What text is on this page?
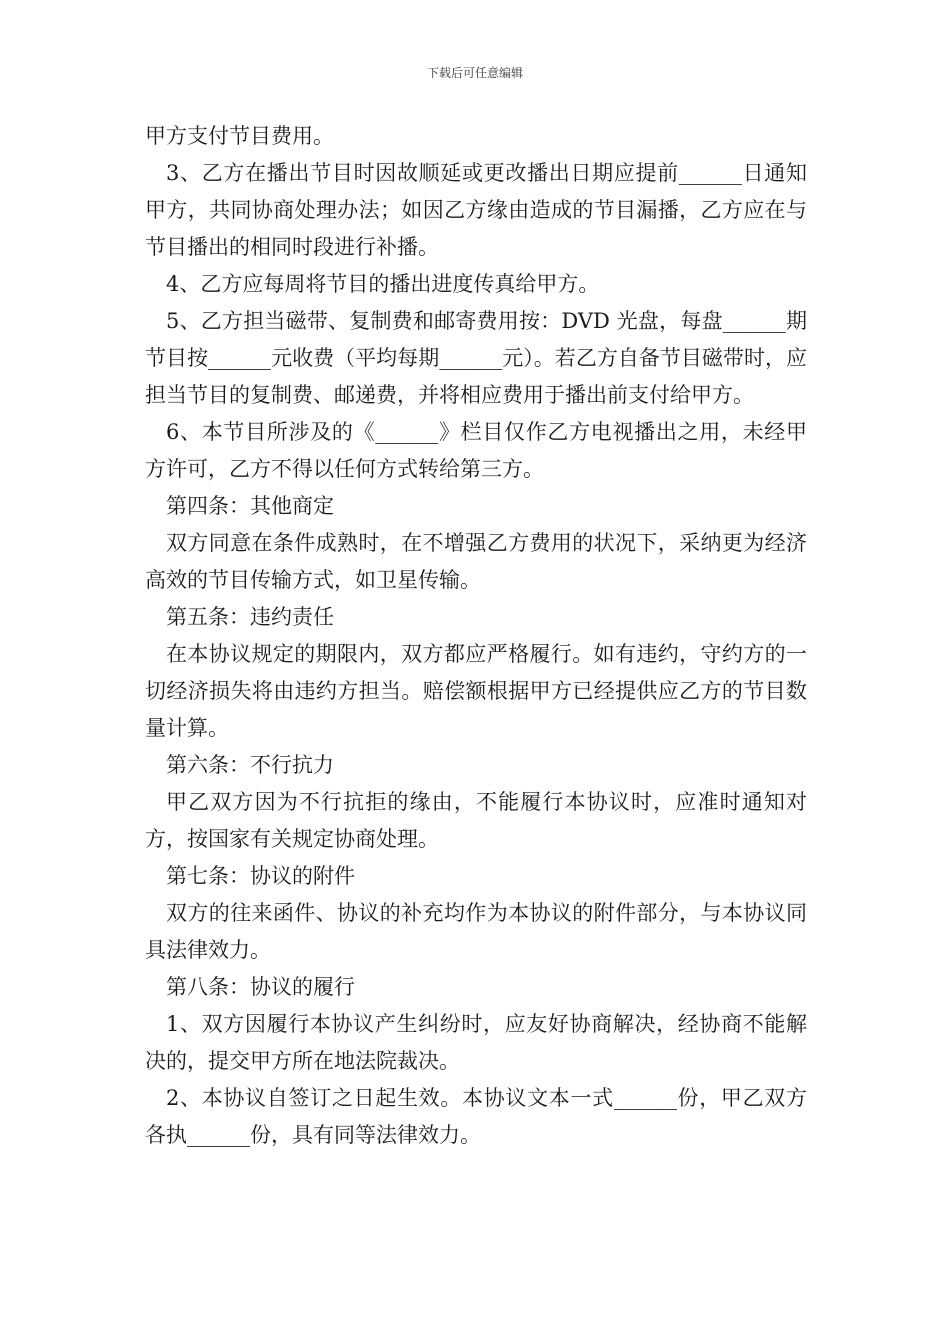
下载后可任意编辑

甲方支付节目费用。

3、乙方在播出节目时因故顺延或更改播出日期应提前______日通知甲方，共同协商处理办法；如因乙方缘由造成的节目漏播，乙方应在与节目播出的相同时段进行补播。

4、乙方应每周将节目的播出进度传真给甲方。

5、乙方担当磁带、复制费和邮寄费用按：DVD 光盘，每盘______期节目按______元收费（平均每期______元）。若乙方自备节目磁带时，应担当节目的复制费、邮递费，并将相应费用于播出前支付给甲方。

6、本节目所涉及的《______》栏目仅作乙方电视播出之用，未经甲方许可，乙方不得以任何方式转给第三方。

第四条：其他商定

双方同意在条件成熟时，在不增强乙方费用的状况下，采纳更为经济高效的节目传输方式，如卫星传输。

第五条：违约责任

在本协议规定的期限内，双方都应严格履行。如有违约，守约方的一切经济损失将由违约方担当。赔偿额根据甲方已经提供应乙方的节目数量计算。

第六条：不行抗力

甲乙双方因为不行抗拒的缘由，不能履行本协议时，应准时通知对方，按国家有关规定协商处理。

第七条：协议的附件

双方的往来函件、协议的补充均作为本协议的附件部分，与本协议同具法律效力。

第八条：协议的履行

1、双方因履行本协议产生纠纷时，应友好协商解决，经协商不能解决的，提交甲方所在地法院裁决。

2、本协议自签订之日起生效。本协议文本一式______份，甲乙双方各执______份，具有同等法律效力。
